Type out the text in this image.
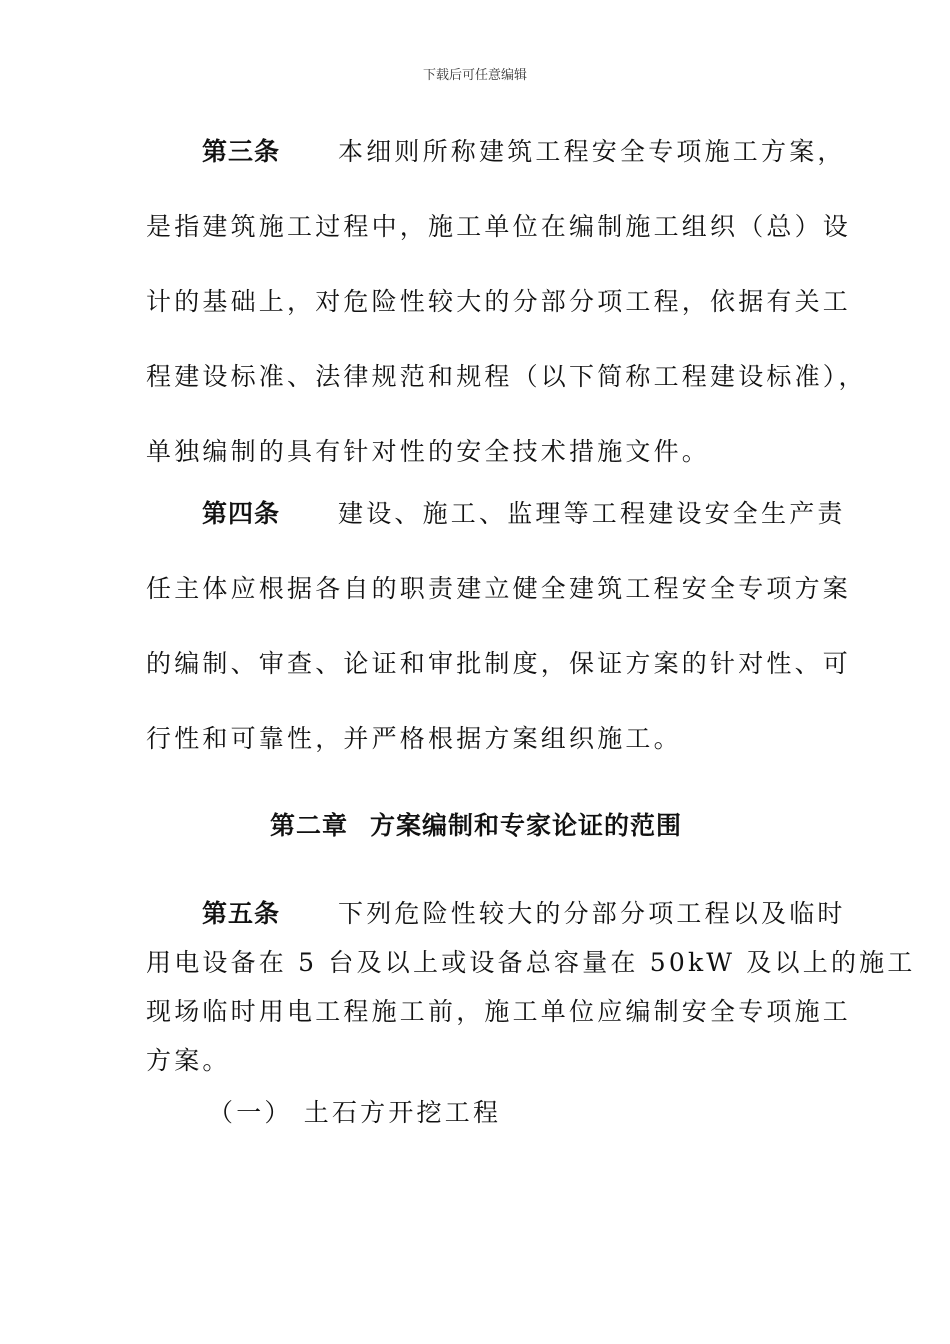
下载后可任意编辑
第三条 本细则所称建筑工程安全专项施工方案，
是指建筑施工过程中，施工单位在编制施工组织（总）设
计的基础上，对危险性较大的分部分项工程，依据有关工
程建设标准、法律规范和规程（以下简称工程建设标准），
单独编制的具有针对性的安全技术措施文件。
第四条 建设、施工、监理等工程建设安全生产责
任主体应根据各自的职责建立健全建筑工程安全专项方案
的编制、审查、论证和审批制度，保证方案的针对性、可
行性和可靠性，并严格根据方案组织施工。
第二章 方案编制和专家论证的范围
第五条 下列危险性较大的分部分项工程以及临时
用电设备在 5 台及以上或设备总容量在 50kW 及以上的施工
现场临时用电工程施工前，施工单位应编制安全专项施工
方案。
（一） 土石方开挖工程
